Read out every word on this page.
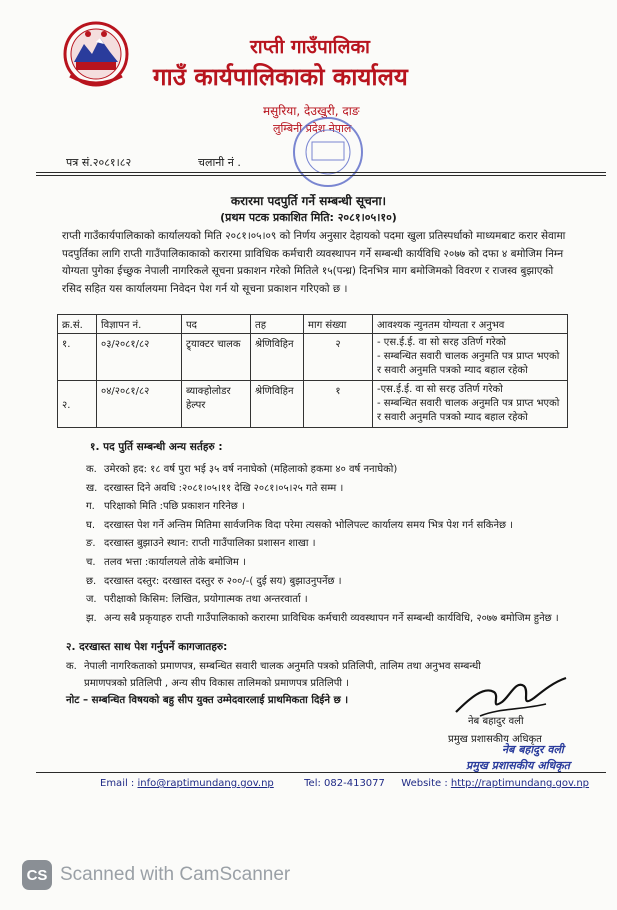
राप्ती गाउँपालिका
गाउँ कार्यपालिकाको कार्यालय
मसुरिया, देउखुरी, दाङ
लुम्बिनी प्रदेश नेपाल
पत्र सं.२०८१।८२	चलानी नं .
करारमा पदपुर्ति गर्ने सम्बन्धी सूचना।
(प्रथम पटक प्रकाशित मिति: २०८१।०५।१०)
राप्ती गाउँकार्यपालिकाको कार्यालयको मिति २०८१।०५।०९ को निर्णय अनुसार देहायको पदमा खुला प्रतिस्पर्धाको माध्यमबाट करार सेवामा पदपुर्तिका लागि राप्ती गाउँपालिकाकाको करारमा प्राविधिक कर्मचारी व्यवस्थापन गर्ने सम्बन्धी कार्यविधि २०७७ को दफा ४ बमोजिम निम्न योग्यता पुगेका ईच्छुक नेपाली नागरिकले सूचना प्रकाशन गरेको मितिले १५(पन्ध्र) दिनभित्र माग बमोजिमको विवरण र राजस्व बुझाएको रसिद सहित यस कार्यालयमा निवेदन पेश गर्न यो सूचना प्रकाशन गरिएको छ ।
क्र.सं.	विज्ञापन नं.	पद	तह	माग संख्या	आवश्यक न्युनतम योग्यता र अनुभव
१.	०३/२०८१/८२	ट्र्याक्टर चालक	श्रेणिविहिन	२	- एस.ई.ई. वा सो सरह उतिर्ण गरेको
- सम्बन्धित सवारी चालक अनुमति पत्र प्राप्त भएको
र सवारी अनुमति पत्रको म्याद बहाल रहेको

२.	०४/२०८१/८२	ब्याक्होलोडर हेल्पर	श्रेणिविहिन	१	-एस.ई.ई. वा सो सरह उतिर्ण गरेको
- सम्बन्धित सवारी चालक अनुमति पत्र प्राप्त भएको
र सवारी अनुमति पत्रको म्याद बहाल रहेको
१. पद पुर्ति सम्बन्धी अन्य सर्तहरु :
क. उमेरको हद: १८ वर्ष पुरा भई ३५ वर्ष ननाघेको (महिलाको हकमा ४० वर्ष ननाघेको)
ख. दरखास्त दिने अवधि :२०८१।०५।११ देखि २०८१।०५।२५ गते सम्म ।
ग. परिक्षाको मिति :पछि प्रकाशन गरिनेछ ।
घ. दरखास्त पेश गर्ने अन्तिम मितिमा सार्वजनिक विदा परेमा त्यसको भोलिपल्ट कार्यालय समय भित्र पेश गर्न सकिनेछ ।
ङ. दरखास्त बुझाउने स्थान: राप्ती गाउँपालिका प्रशासन शाखा ।
च. तलव भत्ता :कार्यालयले तोके बमोजिम ।
छ. दरखास्त दस्तुर: दरखास्त दस्तुर रु २००/-( दुई सय) बुझाउनुपर्नेछ ।
ज. परीक्षाको किसिम: लिखित, प्रयोगात्मक तथा अन्तरवार्ता ।
झ. अन्य सबै प्रकृयाहरु राप्ती गाउँपालिकाको करारमा प्राविधिक कर्मचारी व्यवस्थापन गर्ने सम्बन्धी कार्यविधि, २०७७ बमोजिम हुनेछ ।
२. दरखास्त साथ पेश गर्नुपर्ने कागजातहरु:
क. नेपाली नागरिकताको प्रमाणपत्र, सम्बन्धित सवारी चालक अनुमति पत्रको प्रतिलिपी, तालिम तथा अनुभव सम्बन्धी प्रमाणपत्रको प्रतिलिपी , अन्य सीप विकास तालिमको प्रमाणपत्र प्रतिलिपी ।
नोट – सम्बन्धित विषयको बहु सीप युक्त उम्मेदवारलाई प्राथमिकता दिईने छ ।
नेब बहादुर वली
प्रमुख प्रशासकीय अधिकृत
नेब बहादुर वली
प्रमुख प्रशासकीय अधिकृत
Email : info@raptimundang.gov.np	Tel: 082-413077 Website : http://raptimundang.gov.np
CS Scanned with CamScanner
